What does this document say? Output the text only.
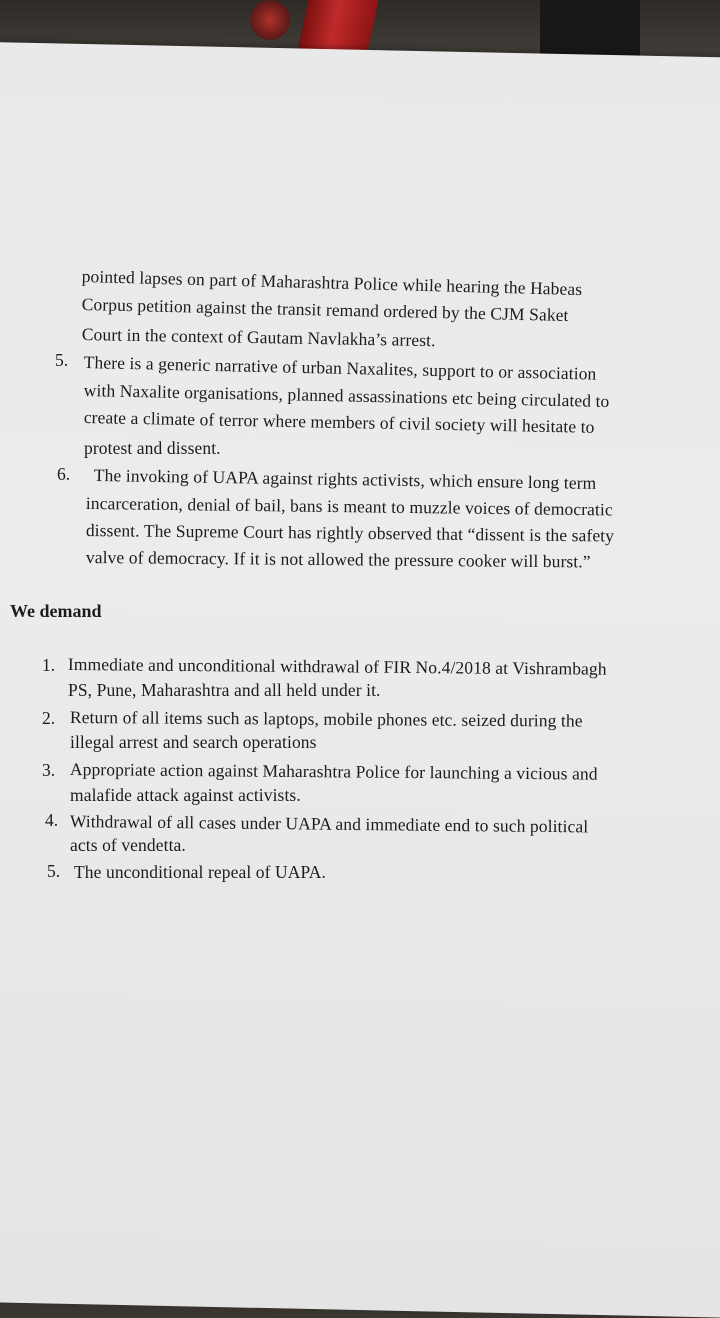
pointed lapses on part of Maharashtra Police while hearing the Habeas
Corpus petition against the transit remand ordered by the CJM Saket
Court in the context of Gautam Navlakha’s arrest.
5. There is a generic narrative of urban Naxalites, support to or association
with Naxalite organisations, planned assassinations etc being circulated to
create a climate of terror where members of civil society will hesitate to
protest and dissent.
6. The invoking of UAPA against rights activists, which ensure long term
incarceration, denial of bail, bans is meant to muzzle voices of democratic
dissent. The Supreme Court has rightly observed that “dissent is the safety
valve of democracy. If it is not allowed the pressure cooker will burst.”
We demand
1. Immediate and unconditional withdrawal of FIR No.4/2018 at Vishrambagh
PS, Pune, Maharashtra and all held under it.
2. Return of all items such as laptops, mobile phones etc. seized during the
illegal arrest and search operations
3. Appropriate action against Maharashtra Police for launching a vicious and
malafide attack against activists.
4. Withdrawal of all cases under UAPA and immediate end to such political
acts of vendetta.
5. The unconditional repeal of UAPA.
